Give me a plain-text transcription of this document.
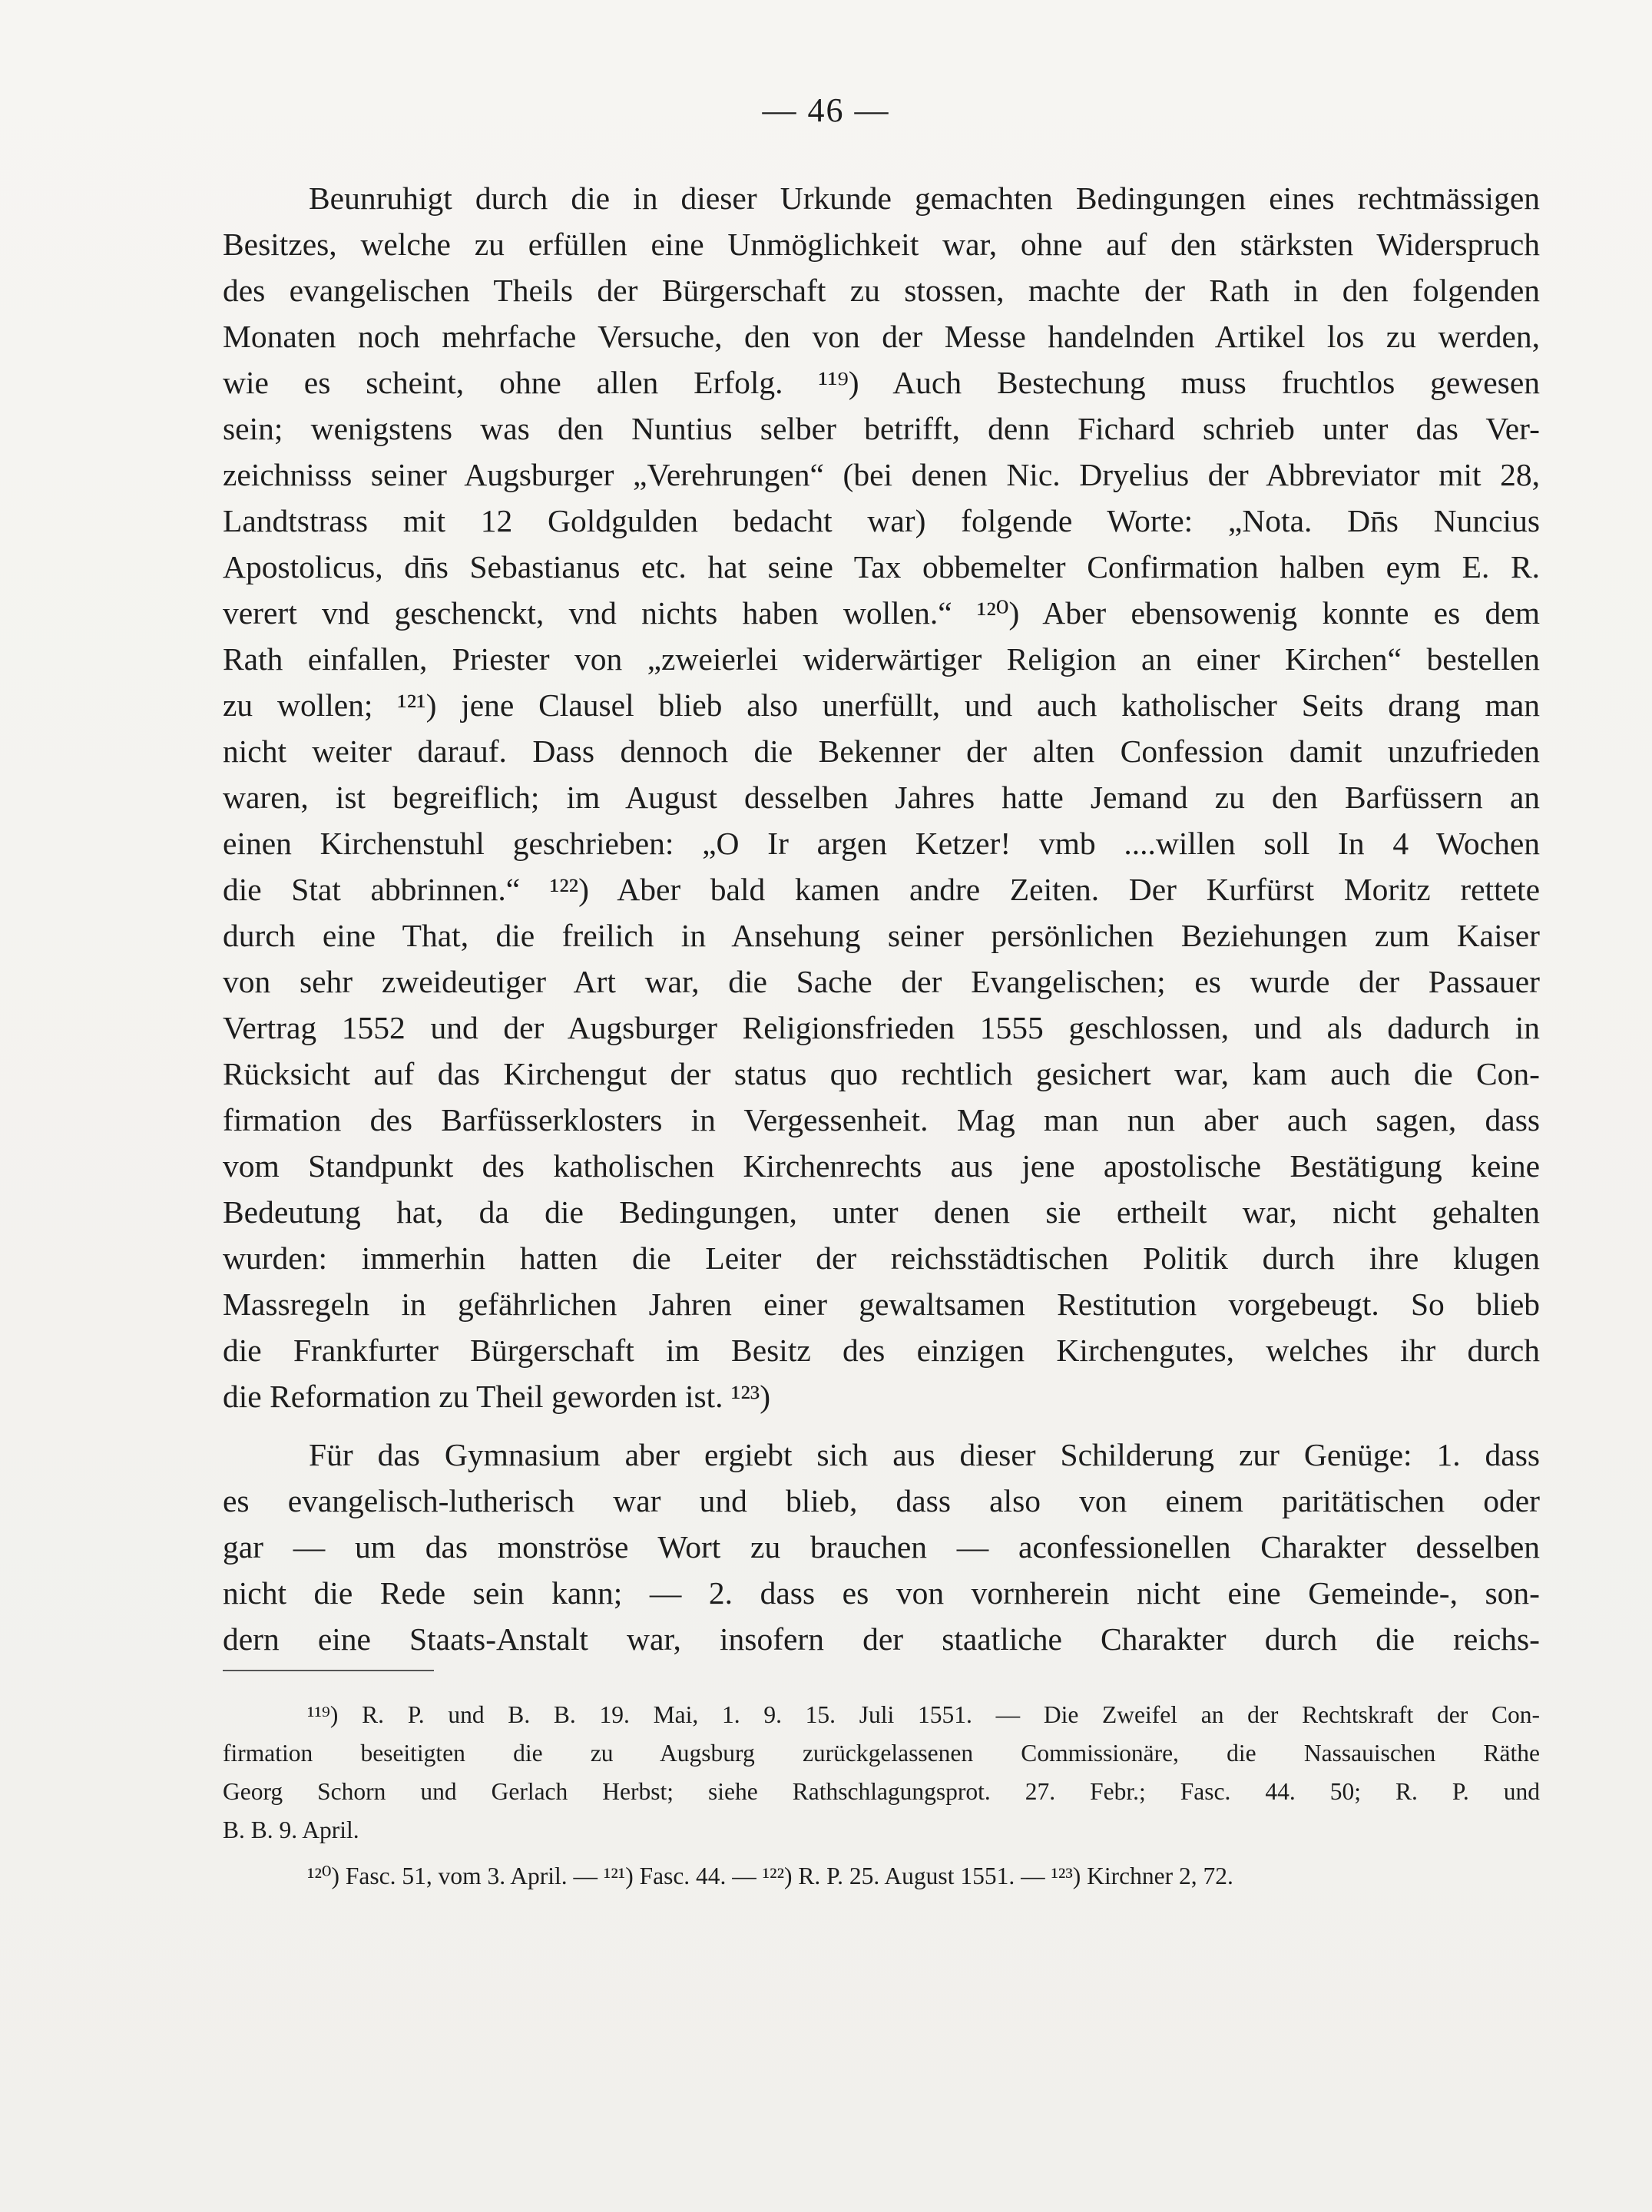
— 46 —
Beunruhigt durch die in dieser Urkunde gemachten Bedingungen eines rechtmässigen
Besitzes, welche zu erfüllen eine Unmöglichkeit war, ohne auf den stärksten Widerspruch
des evangelischen Theils der Bürgerschaft zu stossen, machte der Rath in den folgenden
Monaten noch mehrfache Versuche, den von der Messe handelnden Artikel los zu werden,
wie es scheint, ohne allen Erfolg. ¹¹⁹) Auch Bestechung muss fruchtlos gewesen
sein; wenigstens was den Nuntius selber betrifft, denn Fichard schrieb unter das Ver-
zeichnisss seiner Augsburger „Verehrungen“ (bei denen Nic. Dryelius der Abbreviator mit 28,
Landtstrass mit 12 Goldgulden bedacht war) folgende Worte: „Nota. Dn̄s Nuncius
Apostolicus, dn̄s Sebastianus etc. hat seine Tax obbemelter Confirmation halben eym E. R.
verert vnd geschenckt, vnd nichts haben wollen.“ ¹²⁰) Aber ebensowenig konnte es dem
Rath einfallen, Priester von „zweierlei widerwärtiger Religion an einer Kirchen“ bestellen
zu wollen; ¹²¹) jene Clausel blieb also unerfüllt, und auch katholischer Seits drang man
nicht weiter darauf. Dass dennoch die Bekenner der alten Confession damit unzufrieden
waren, ist begreiflich; im August desselben Jahres hatte Jemand zu den Barfüssern an
einen Kirchenstuhl geschrieben: „O Ir argen Ketzer! vmb ....willen soll In 4 Wochen
die Stat abbrinnen.“ ¹²²) Aber bald kamen andre Zeiten. Der Kurfürst Moritz rettete
durch eine That, die freilich in Ansehung seiner persönlichen Beziehungen zum Kaiser
von sehr zweideutiger Art war, die Sache der Evangelischen; es wurde der Passauer
Vertrag 1552 und der Augsburger Religionsfrieden 1555 geschlossen, und als dadurch in
Rücksicht auf das Kirchengut der status quo rechtlich gesichert war, kam auch die Con-
firmation des Barfüsserklosters in Vergessenheit. Mag man nun aber auch sagen, dass
vom Standpunkt des katholischen Kirchenrechts aus jene apostolische Bestätigung keine
Bedeutung hat, da die Bedingungen, unter denen sie ertheilt war, nicht gehalten
wurden: immerhin hatten die Leiter der reichsstädtischen Politik durch ihre klugen
Massregeln in gefährlichen Jahren einer gewaltsamen Restitution vorgebeugt. So blieb
die Frankfurter Bürgerschaft im Besitz des einzigen Kirchengutes, welches ihr durch
die Reformation zu Theil geworden ist. ¹²³)
Für das Gymnasium aber ergiebt sich aus dieser Schilderung zur Genüge: 1. dass
es evangelisch-lutherisch war und blieb, dass also von einem paritätischen oder
gar — um das monströse Wort zu brauchen — aconfessionellen Charakter desselben
nicht die Rede sein kann; — 2. dass es von vornherein nicht eine Gemeinde-, son-
dern eine Staats-Anstalt war, insofern der staatliche Charakter durch die reichs-
¹¹⁹) R. P. und B. B. 19. Mai, 1. 9. 15. Juli 1551. — Die Zweifel an der Rechtskraft der Con-
firmation beseitigten die zu Augsburg zurückgelassenen Commissionäre, die Nassauischen Räthe
Georg Schorn und Gerlach Herbst; siehe Rathschlagungsprot. 27. Febr.; Fasc. 44. 50; R. P. und
B. B. 9. April.
¹²⁰) Fasc. 51, vom 3. April. — ¹²¹) Fasc. 44. — ¹²²) R. P. 25. August 1551. — ¹²³) Kirchner 2, 72.
